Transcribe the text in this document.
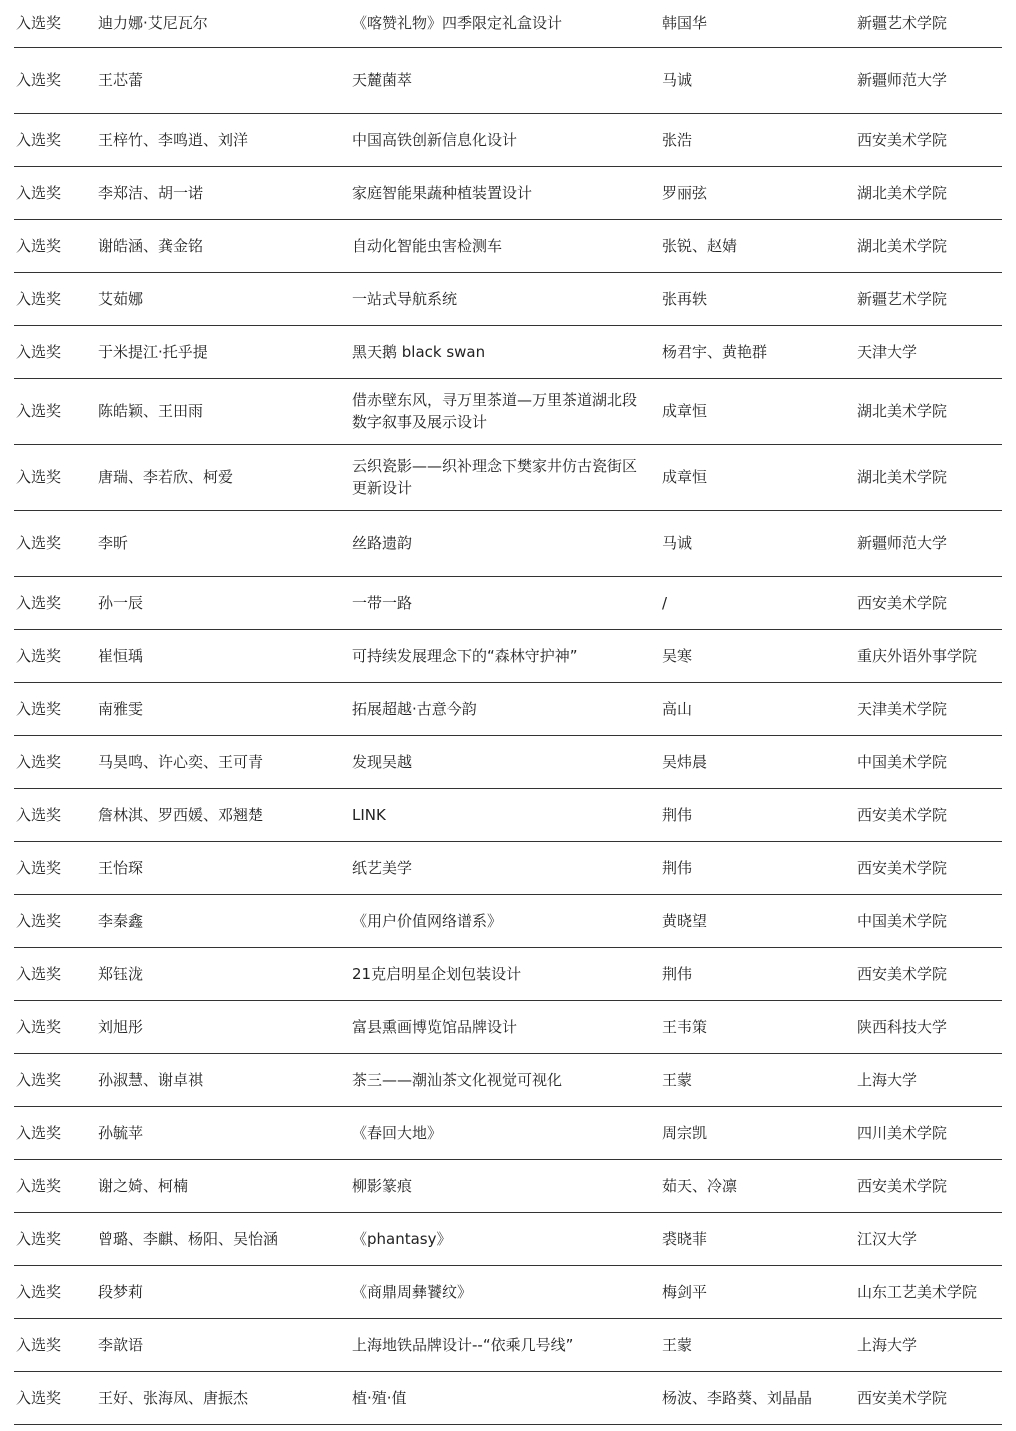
入选奖	迪力娜·艾尼瓦尔	《喀赞礼物》四季限定礼盒设计	韩国华	新疆艺术学院
入选奖	王芯蕾	天麓菌萃	马诚	新疆师范大学
入选奖	王梓竹、李鸣逍、刘洋	中国高铁创新信息化设计	张浩	西安美术学院
入选奖	李郑洁、胡一诺	家庭智能果蔬种植装置设计	罗丽弦	湖北美术学院
入选奖	谢皓涵、龚金铭	自动化智能虫害检测车	张锐、赵婧	湖北美术学院
入选奖	艾茹娜	一站式导航系统	张再轶	新疆艺术学院
入选奖	于米提江·托乎提	黑天鹅 black swan	杨君宇、黄艳群	天津大学
入选奖	陈皓颖、王田雨	借赤壁东风，寻万里茶道—万里茶道湖北段数字叙事及展示设计	成章恒	湖北美术学院
入选奖	唐瑞、李若欣、柯爱	云织瓷影——织补理念下樊家井仿古瓷街区更新设计	成章恒	湖北美术学院
入选奖	李昕	丝路遗韵	马诚	新疆师范大学
入选奖	孙一辰	一带一路	/	西安美术学院
入选奖	崔恒瑀	可持续发展理念下的“森林守护神”	吴寒	重庆外语外事学院
入选奖	南雅雯	拓展超越·古意今韵	高山	天津美术学院
入选奖	马昊鸣、许心奕、王可青	发现吴越	吴炜晨	中国美术学院
入选奖	詹林淇、罗西媛、邓翘楚	LINK	荆伟	西安美术学院
入选奖	王怡琛	纸艺美学	荆伟	西安美术学院
入选奖	李秦鑫	《用户价值网络谱系》	黄晓望	中国美术学院
入选奖	郑钰泷	21克启明星企划包装设计	荆伟	西安美术学院
入选奖	刘旭彤	富县熏画博览馆品牌设计	王韦策	陕西科技大学
入选奖	孙淑慧、谢卓祺	茶三——潮汕茶文化视觉可视化	王蒙	上海大学
入选奖	孙毓苹	《春回大地》	周宗凯	四川美术学院
入选奖	谢之婍、柯楠	柳影篆痕	茹天、冷凛	西安美术学院
入选奖	曾璐、李麒、杨阳、吴怡涵	《phantasy》	裘晓菲	江汉大学
入选奖	段梦莉	《商鼎周彝饕纹》	梅剑平	山东工艺美术学院
入选奖	李歆语	上海地铁品牌设计--“依乘几号线”	王蒙	上海大学
入选奖	王好、张海凤、唐振杰	植·殖·值	杨波、李路葵、刘晶晶	西安美术学院
